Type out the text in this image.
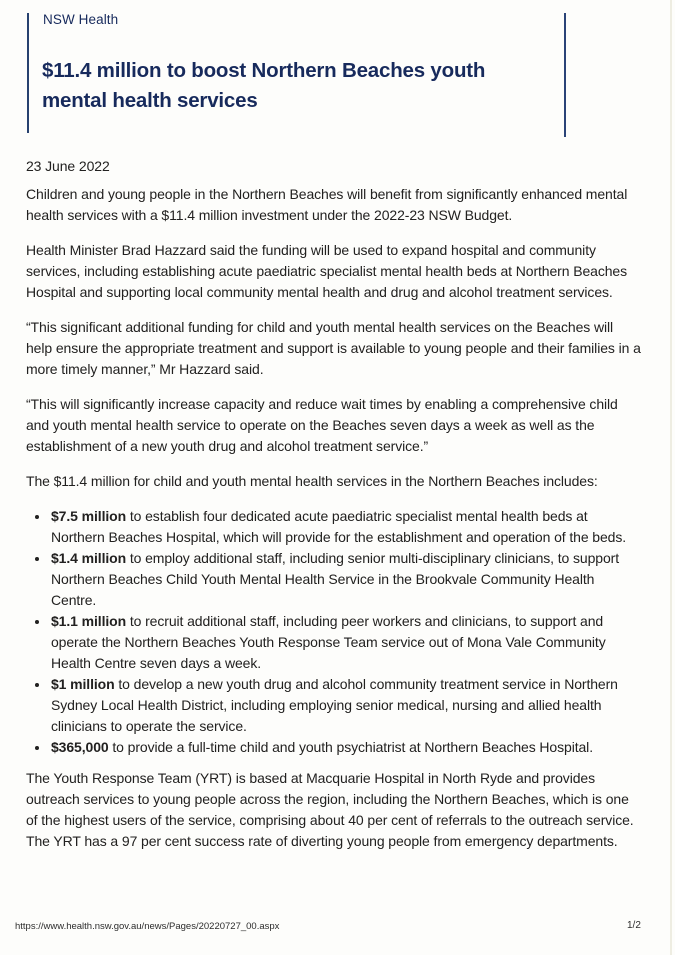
NSW Health
$11.4 million to boost Northern Beaches youth mental health services

23 June 2022

Children and young people in the Northern Beaches will benefit from significantly enhanced mental health services with a $11.4 million investment under the 2022-23 NSW Budget.

Health Minister Brad Hazzard said the funding will be used to expand hospital and community services, including establishing acute paediatric specialist mental health beds at Northern Beaches Hospital and supporting local community mental health and drug and alcohol treatment services.

“This significant additional funding for child and youth mental health services on the Beaches will help ensure the appropriate treatment and support is available to young people and their families in a more timely manner,” Mr Hazzard said.

“This will significantly increase capacity and reduce wait times by enabling a comprehensive child and youth mental health service to operate on the Beaches seven days a week as well as the establishment of a new youth drug and alcohol treatment service.”

The $11.4 million for child and youth mental health services in the Northern Beaches includes:

• $7.5 million to establish four dedicated acute paediatric specialist mental health beds at Northern Beaches Hospital, which will provide for the establishment and operation of the beds.
• $1.4 million to employ additional staff, including senior multi-disciplinary clinicians, to support Northern Beaches Child Youth Mental Health Service in the Brookvale Community Health Centre.
• $1.1 million to recruit additional staff, including peer workers and clinicians, to support and operate the Northern Beaches Youth Response Team service out of Mona Vale Community Health Centre seven days a week.
• $1 million to develop a new youth drug and alcohol community treatment service in Northern Sydney Local Health District, including employing senior medical, nursing and allied health clinicians to operate the service.
• $365,000 to provide a full-time child and youth psychiatrist at Northern Beaches Hospital.

The Youth Response Team (YRT) is based at Macquarie Hospital in North Ryde and provides outreach services to young people across the region, including the Northern Beaches, which is one of the highest users of the service, comprising about 40 per cent of referrals to the outreach service. The YRT has a 97 per cent success rate of diverting young people from emergency departments.

https://www.health.nsw.gov.au/news/Pages/20220727_00.aspx	1/2
